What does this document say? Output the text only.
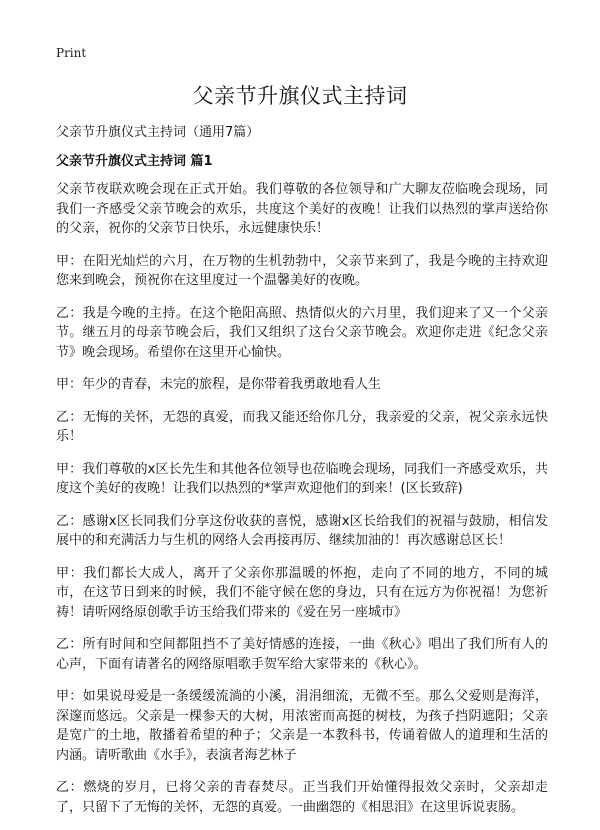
Print
父亲节升旗仪式主持词

父亲节升旗仪式主持词（通用7篇）

父亲节升旗仪式主持词 篇1

父亲节夜联欢晚会现在正式开始。我们尊敬的各位领导和广大聊友莅临晚会现场，同我们一齐感受父亲节晚会的欢乐，共度这个美好的夜晚！让我们以热烈的掌声送给你的父亲，祝你的父亲节日快乐，永远健康快乐！

甲：在阳光灿烂的六月，在万物的生机勃勃中，父亲节来到了，我是今晚的主持欢迎您来到晚会，预祝你在这里度过一个温馨美好的夜晚。

乙：我是今晚的主持。在这个艳阳高照、热情似火的六月里，我们迎来了又一个父亲节。继五月的母亲节晚会后，我们又组织了这台父亲节晚会。欢迎你走进《纪念父亲节》晚会现场。希望你在这里开心愉快。

甲：年少的青春，未完的旅程，是你带着我勇敢地看人生

乙：无悔的关怀，无怨的真爱，而我又能还给你几分，我亲爱的父亲，祝父亲永远快乐！

甲：我们尊敬的x区长先生和其他各位领导也莅临晚会现场，同我们一齐感受欢乐，共度这个美好的夜晚！让我们以热烈的*掌声欢迎他们的到来！(区长致辞)

乙：感谢x区长同我们分享这份收获的喜悦，感谢x区长给我们的祝福与鼓励，相信发展中的和充满活力与生机的网络人会再接再厉、继续加油的！再次感谢总区长！

甲：我们都长大成人，离开了父亲你那温暖的怀抱，走向了不同的地方，不同的城市，在这节日到来的时候，我们不能守候在您的身边，只有在远方为你祝福！为您祈祷！请听网络原创歌手访玉给我们带来的《爱在另一座城市》

乙：所有时间和空间都阻挡不了美好情感的连接，一曲《秋心》唱出了我们所有人的心声，下面有请著名的网络原唱歌手贺军给大家带来的《秋心》。

甲：如果说母爱是一条缓缓流淌的小溪，涓涓细流，无微不至。那么父爱则是海洋，深邃而悠远。父亲是一棵参天的大树，用浓密而高挺的树枝，为孩子挡阴遮阳；父亲是宽广的土地，散播着希望的种子；父亲是一本教科书，传诵着做人的道理和生活的内涵。请听歌曲《水手》，表演者海艺林子

乙：燃烧的岁月，已将父亲的青春焚尽。正当我们开始懂得报效父亲时，父亲却走了，只留下了无悔的关怀，无怨的真爱。一曲幽怨的《相思泪》在这里诉说衷肠。
